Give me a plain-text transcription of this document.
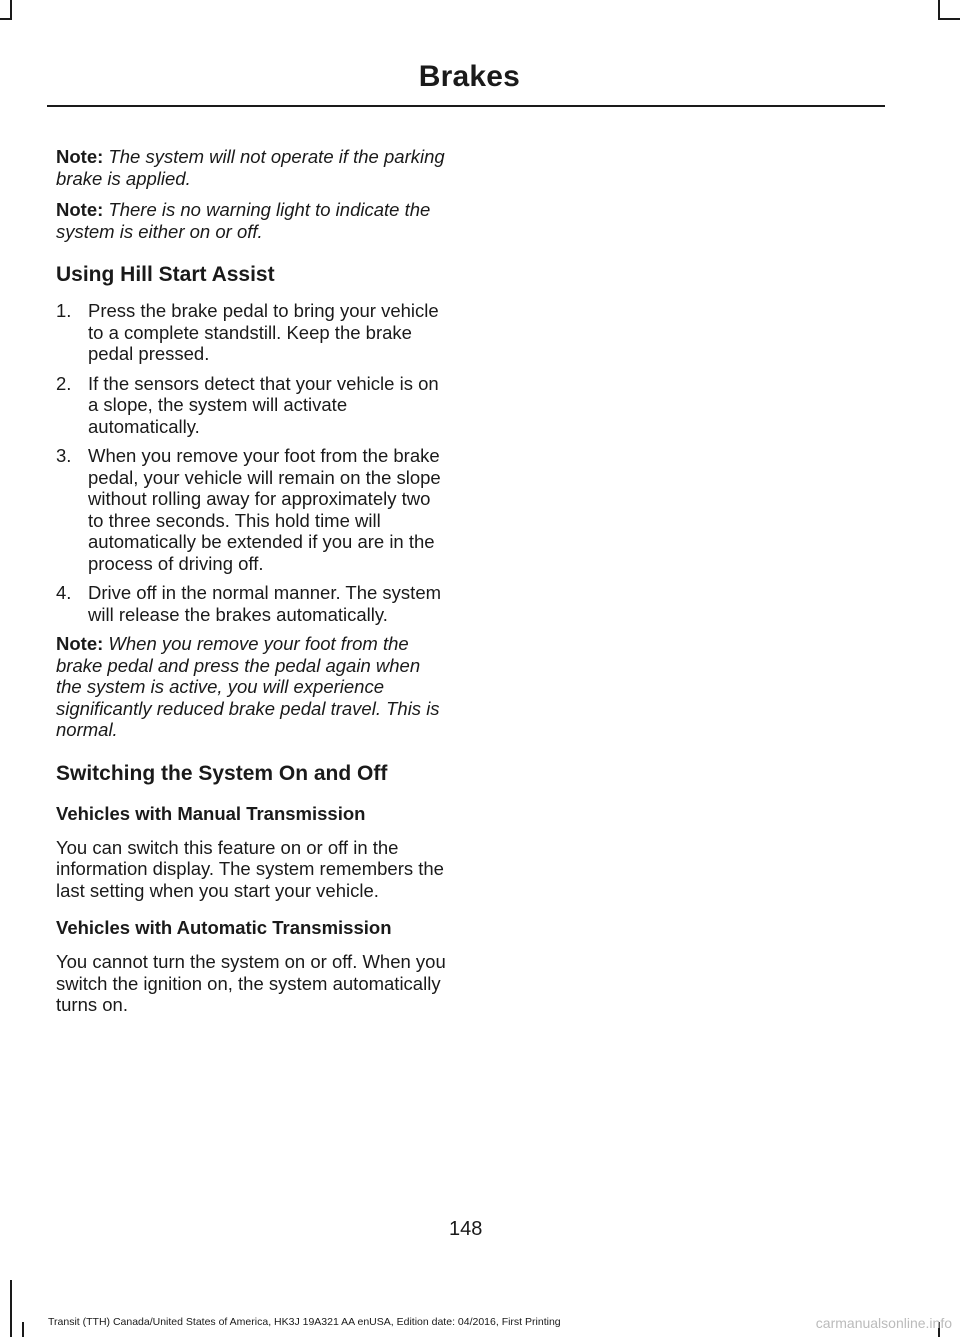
Brakes

Note: The system will not operate if the parking brake is applied.

Note: There is no warning light to indicate the system is either on or off.

Using Hill Start Assist
1. Press the brake pedal to bring your vehicle to a complete standstill. Keep the brake pedal pressed.
2. If the sensors detect that your vehicle is on a slope, the system will activate automatically.
3. When you remove your foot from the brake pedal, your vehicle will remain on the slope without rolling away for approximately two to three seconds. This hold time will automatically be extended if you are in the process of driving off.
4. Drive off in the normal manner. The system will release the brakes automatically.

Note: When you remove your foot from the brake pedal and press the pedal again when the system is active, you will experience significantly reduced brake pedal travel. This is normal.

Switching the System On and Off
Vehicles with Manual Transmission

You can switch this feature on or off in the information display. The system remembers the last setting when you start your vehicle.

Vehicles with Automatic Transmission

You cannot turn the system on or off. When you switch the ignition on, the system automatically turns on.

148
Transit (TTH) Canada/United States of America, HK3J 19A321 AA enUSA, Edition date: 04/2016, First Printing	carmanualsonline.info
